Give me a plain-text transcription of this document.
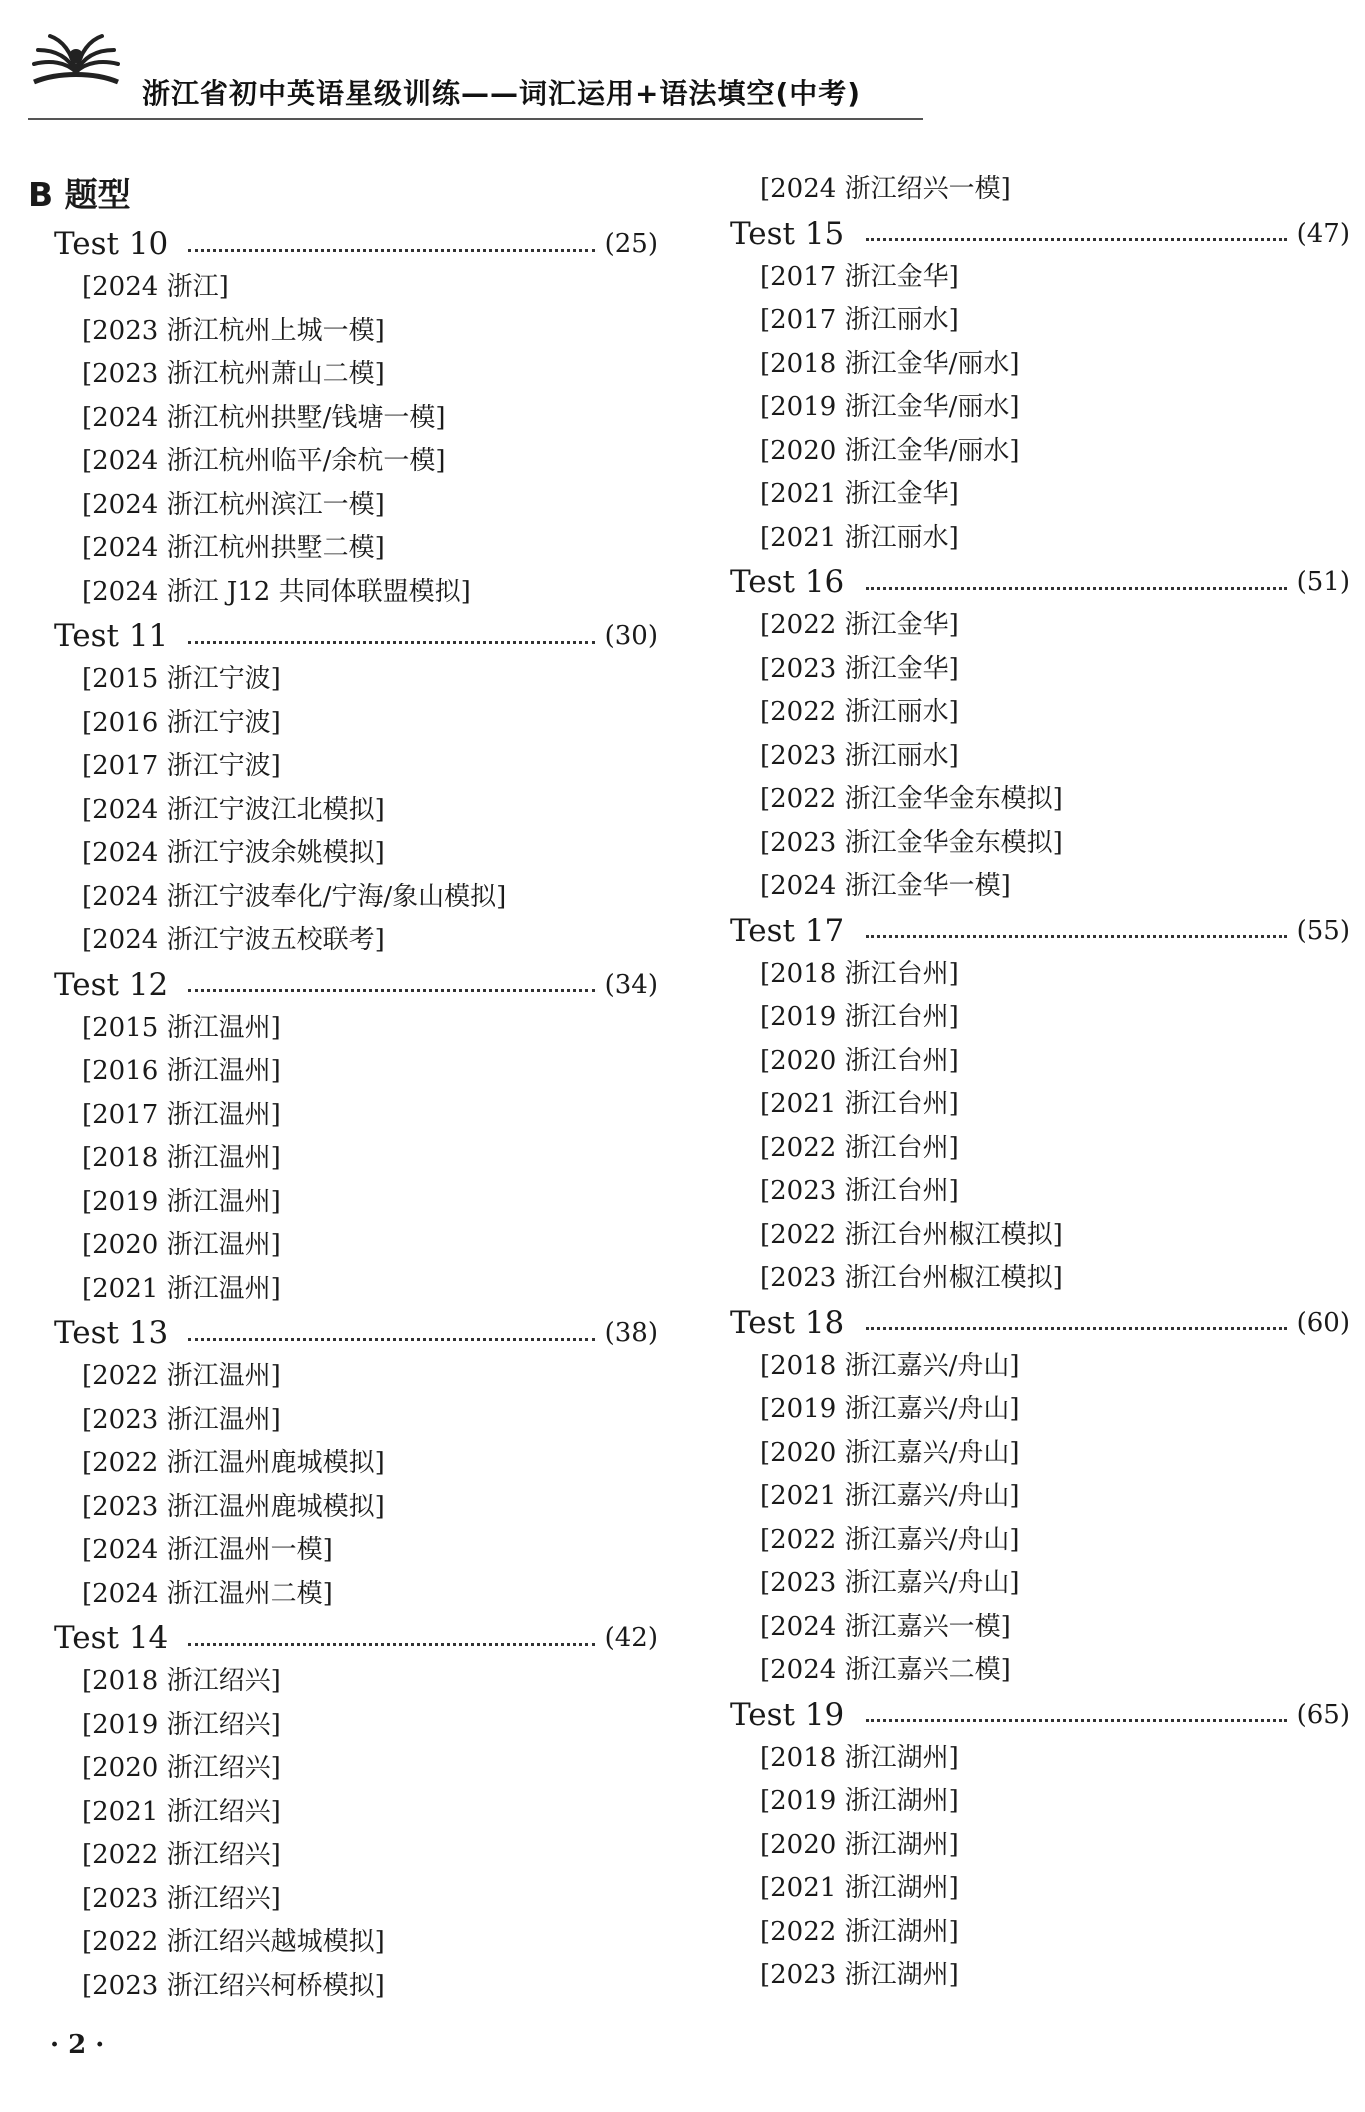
浙江省初中英语星级训练——词汇运用+语法填空(中考)
B 题型
Test 10	(25)
[2024 浙江]
[2023 浙江杭州上城一模]
[2023 浙江杭州萧山二模]
[2024 浙江杭州拱墅/钱塘一模]
[2024 浙江杭州临平/余杭一模]
[2024 浙江杭州滨江一模]
[2024 浙江杭州拱墅二模]
[2024 浙江 J12 共同体联盟模拟]
Test 11	(30)
[2015 浙江宁波]
[2016 浙江宁波]
[2017 浙江宁波]
[2024 浙江宁波江北模拟]
[2024 浙江宁波余姚模拟]
[2024 浙江宁波奉化/宁海/象山模拟]
[2024 浙江宁波五校联考]
Test 12	(34)
[2015 浙江温州]
[2016 浙江温州]
[2017 浙江温州]
[2018 浙江温州]
[2019 浙江温州]
[2020 浙江温州]
[2021 浙江温州]
Test 13	(38)
[2022 浙江温州]
[2023 浙江温州]
[2022 浙江温州鹿城模拟]
[2023 浙江温州鹿城模拟]
[2024 浙江温州一模]
[2024 浙江温州二模]
Test 14	(42)
[2018 浙江绍兴]
[2019 浙江绍兴]
[2020 浙江绍兴]
[2021 浙江绍兴]
[2022 浙江绍兴]
[2023 浙江绍兴]
[2022 浙江绍兴越城模拟]
[2023 浙江绍兴柯桥模拟]
[2024 浙江绍兴一模]
Test 15	(47)
[2017 浙江金华]
[2017 浙江丽水]
[2018 浙江金华/丽水]
[2019 浙江金华/丽水]
[2020 浙江金华/丽水]
[2021 浙江金华]
[2021 浙江丽水]
Test 16	(51)
[2022 浙江金华]
[2023 浙江金华]
[2022 浙江丽水]
[2023 浙江丽水]
[2022 浙江金华金东模拟]
[2023 浙江金华金东模拟]
[2024 浙江金华一模]
Test 17	(55)
[2018 浙江台州]
[2019 浙江台州]
[2020 浙江台州]
[2021 浙江台州]
[2022 浙江台州]
[2023 浙江台州]
[2022 浙江台州椒江模拟]
[2023 浙江台州椒江模拟]
Test 18	(60)
[2018 浙江嘉兴/舟山]
[2019 浙江嘉兴/舟山]
[2020 浙江嘉兴/舟山]
[2021 浙江嘉兴/舟山]
[2022 浙江嘉兴/舟山]
[2023 浙江嘉兴/舟山]
[2024 浙江嘉兴一模]
[2024 浙江嘉兴二模]
Test 19	(65)
[2018 浙江湖州]
[2019 浙江湖州]
[2020 浙江湖州]
[2021 浙江湖州]
[2022 浙江湖州]
[2023 浙江湖州]
· 2 ·
